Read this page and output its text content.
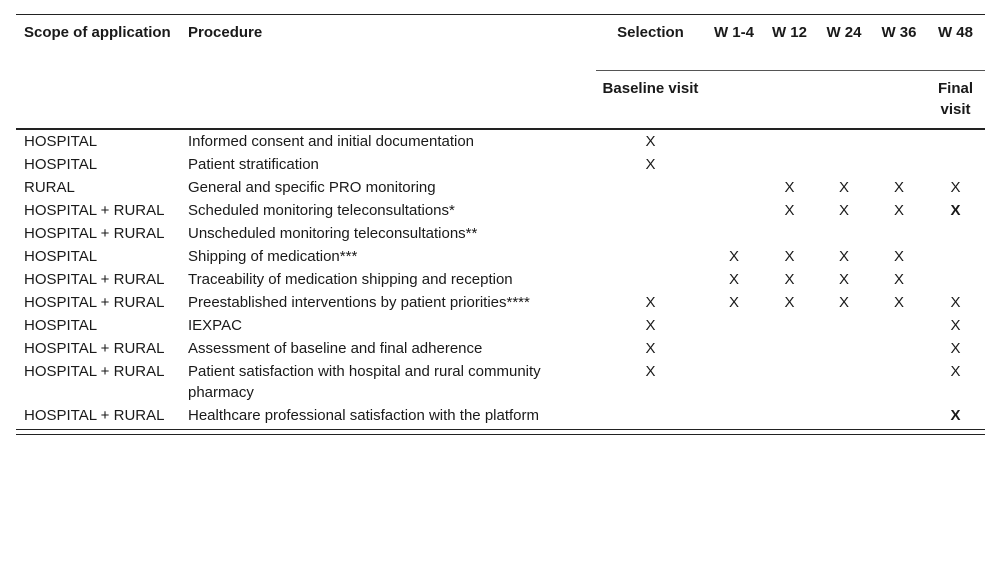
Scope of application	Procedure	Selection	W 1-4	W 12	W 24	W 36	W 48
		Baseline visit					Final visit
HOSPITAL	Informed consent and initial documentation	X					
HOSPITAL	Patient stratification	X					
RURAL	General and specific PRO monitoring			X	X	X	X
HOSPITAL + RURAL	Scheduled monitoring teleconsultations*			X	X	X	X
HOSPITAL + RURAL	Unscheduled monitoring teleconsultations**						
HOSPITAL	Shipping of medication***		X	X	X	X	
HOSPITAL + RURAL	Traceability of medication shipping and reception		X	X	X	X	
HOSPITAL + RURAL	Preestablished interventions by patient priorities****	X	X	X	X	X	X
HOSPITAL	IEXPAC	X					X
HOSPITAL + RURAL	Assessment of baseline and final adherence	X					X
HOSPITAL + RURAL	Patient satisfaction with hospital and rural community pharmacy	X					X
HOSPITAL + RURAL	Healthcare professional satisfaction with the platform						X
